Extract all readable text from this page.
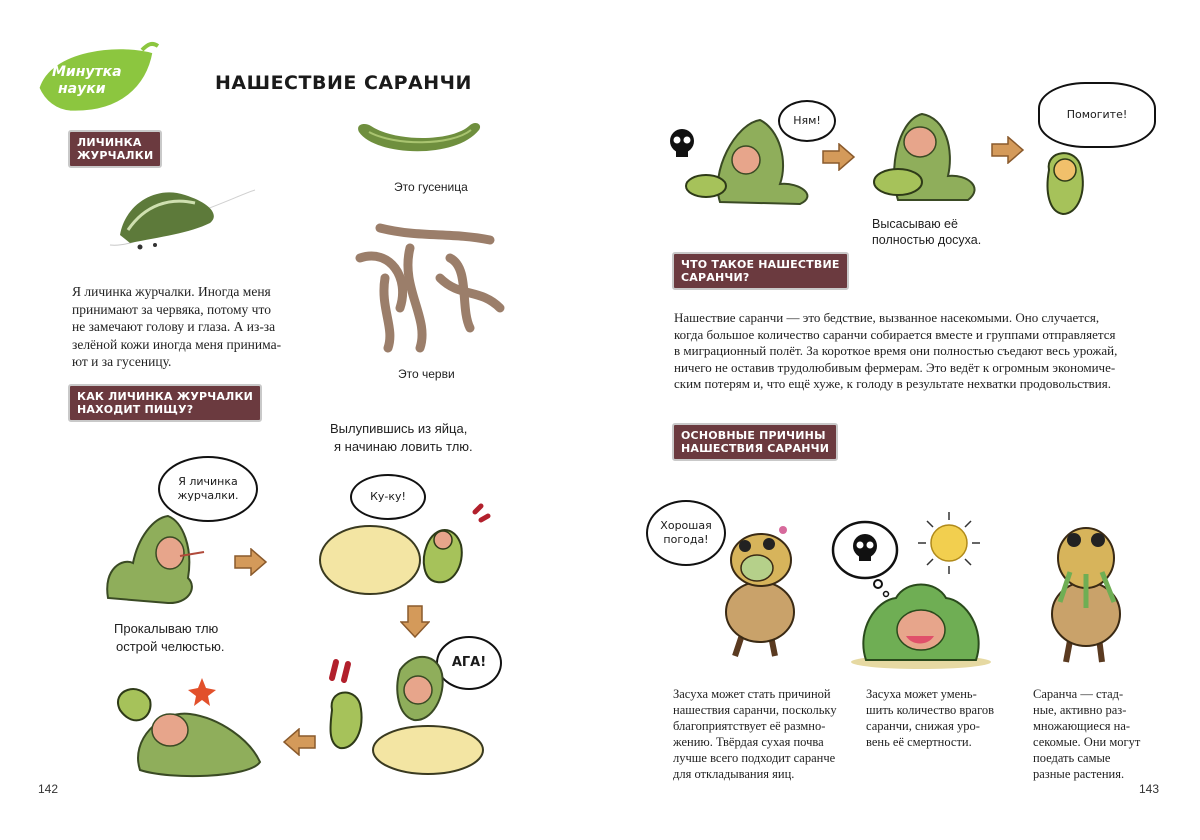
Минутка
науки	НАШЕСТВИЕ САРАНЧИ
ЛИЧИНКА
ЖУРЧАЛКИ
Я личинка журчалки. Иногда меня
принимают за червяка, потому что
не замечают голову и глаза. А из-за
зелёной кожи иногда меня принима-
ют и за гусеницу.
Это гусеница
Это черви
КАК ЛИЧИНКА ЖУРЧАЛКИ
НАХОДИТ ПИЩУ?
Я личинка
журчалки.
Вылупившись из яйца,
я начинаю ловить тлю.
Ку-ку!
Прокалываю тлю
острой челюстью.
АГА!
142
Ням!
Высасываю её
полностью досуха.
Помогите!
ЧТО ТАКОЕ НАШЕСТВИЕ
САРАНЧИ?
Нашествие саранчи — это бедствие, вызванное насекомыми. Оно случается,
когда большое количество саранчи собирается вместе и группами отправляется
в миграционный полёт. За короткое время они полностью съедают весь урожай,
ничего не оставив трудолюбивым фермерам. Это ведёт к огромным экономиче-
ским потерям и, что ещё хуже, к голоду в результате нехватки продовольствия.
ОСНОВНЫЕ ПРИЧИНЫ
НАШЕСТВИЯ САРАНЧИ
Хорошая
погода!
Засуха может стать причиной
нашествия саранчи, поскольку
благоприятствует её размно-
жению. Твёрдая сухая почва
лучше всего подходит саранче
для откладывания яиц.
Засуха может умень-
шить количество врагов
саранчи, снижая уро-
вень её смертности.
Саранча — стад-
ные, активно раз-
множающиеся на-
секомые. Они могут
поедать самые
разные растения.
143
